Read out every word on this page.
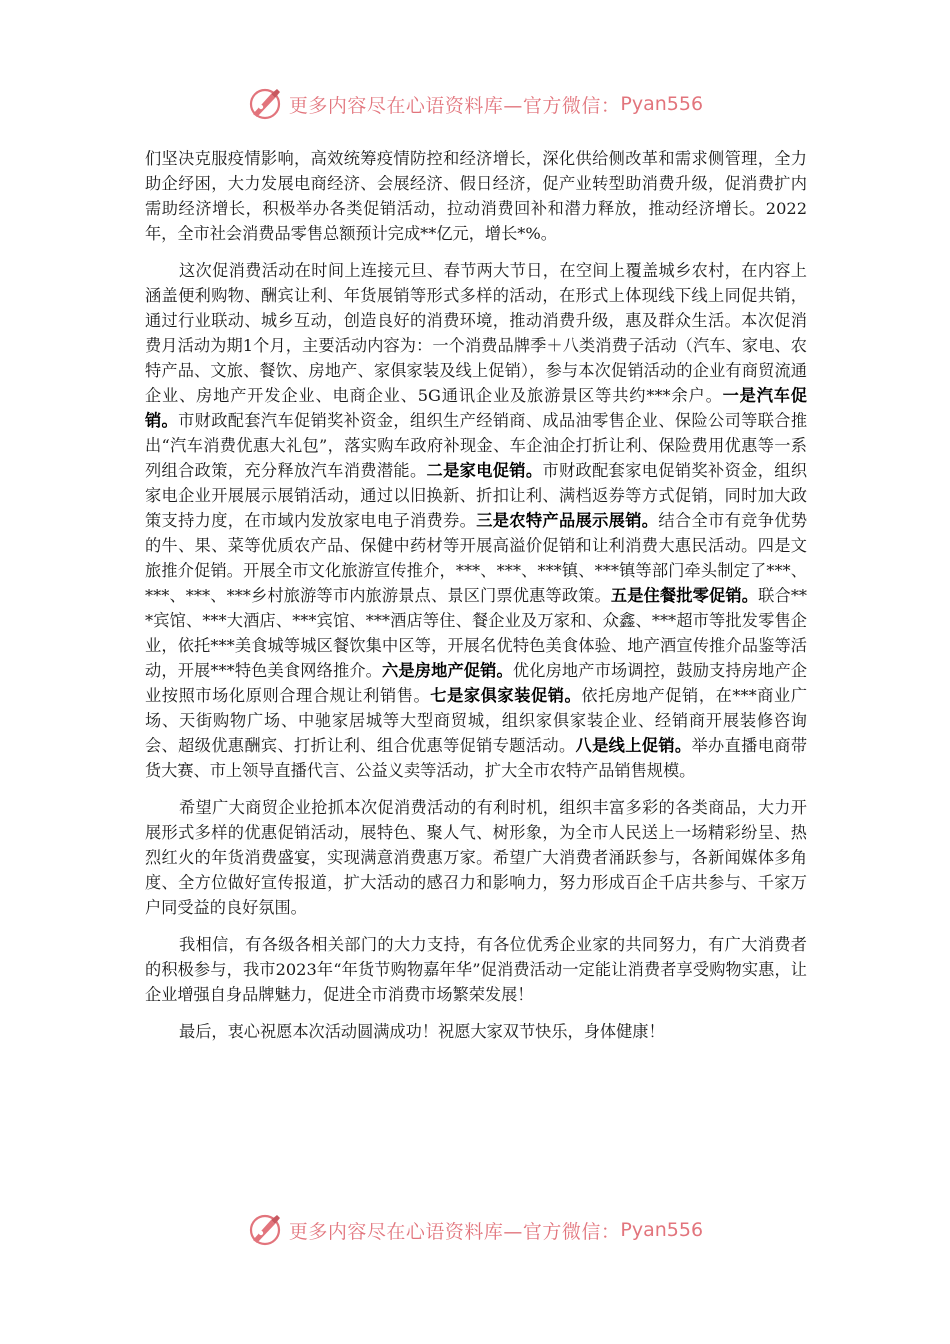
更多内容尽在心语资料库—官方微信： Pyan556

们坚决克服疫情影响，高效统筹疫情防控和经济增长，深化供给侧改革和需求侧管理，全力助企纾困，大力发展电商经济、会展经济、假日经济，促产业转型助消费升级，促消费扩内需助经济增长，积极举办各类促销活动，拉动消费回补和潜力释放，推动经济增长。2022年，全市社会消费品零售总额预计完成**亿元，增长*%。

这次促消费活动在时间上连接元旦、春节两大节日，在空间上覆盖城乡农村，在内容上涵盖便利购物、酬宾让利、年货展销等形式多样的活动，在形式上体现线下线上同促共销，通过行业联动、城乡互动，创造良好的消费环境，推动消费升级，惠及群众生活。本次促消费月活动为期1个月，主要活动内容为：一个消费品牌季＋八类消费子活动（汽车、家电、农特产品、文旅、餐饮、房地产、家俱家装及线上促销），参与本次促销活动的企业有商贸流通企业、房地产开发企业、电商企业、5G通讯企业及旅游景区等共约***余户。一是汽车促销。市财政配套汽车促销奖补资金，组织生产经销商、成品油零售企业、保险公司等联合推出“汽车消费优惠大礼包”，落实购车政府补现金、车企油企打折让利、保险费用优惠等一系列组合政策，充分释放汽车消费潜能。二是家电促销。市财政配套家电促销奖补资金，组织家电企业开展展示展销活动，通过以旧换新、折扣让利、满档返券等方式促销，同时加大政策支持力度，在市域内发放家电电子消费券。三是农特产品展示展销。结合全市有竞争优势的牛、果、菜等优质农产品、保健中药材等开展高溢价促销和让利消费大惠民活动。四是文旅推介促销。开展全市文化旅游宣传推介，***、***、***镇、***镇等部门牵头制定了***、***、***、***乡村旅游等市内旅游景点、景区门票优惠等政策。五是住餐批零促销。联合***宾馆、***大酒店、***宾馆、***酒店等住、餐企业及万家和、众鑫、***超市等批发零售企业，依托***美食城等城区餐饮集中区等，开展名优特色美食体验、地产酒宣传推介品鉴等活动，开展***特色美食网络推介。六是房地产促销。优化房地产市场调控，鼓励支持房地产企业按照市场化原则合理合规让利销售。七是家俱家装促销。依托房地产促销，在***商业广场、天街购物广场、中驰家居城等大型商贸城，组织家俱家装企业、经销商开展装修咨询会、超级优惠酬宾、打折让利、组合优惠等促销专题活动。八是线上促销。举办直播电商带货大赛、市上领导直播代言、公益义卖等活动，扩大全市农特产品销售规模。

希望广大商贸企业抢抓本次促消费活动的有利时机，组织丰富多彩的各类商品，大力开展形式多样的优惠促销活动，展特色、聚人气、树形象，为全市人民送上一场精彩纷呈、热烈红火的年货消费盛宴，实现满意消费惠万家。希望广大消费者涌跃参与，各新闻媒体多角度、全方位做好宣传报道，扩大活动的感召力和影响力，努力形成百企千店共参与、千家万户同受益的良好氛围。

我相信，有各级各相关部门的大力支持，有各位优秀企业家的共同努力，有广大消费者的积极参与，我市2023年“年货节购物嘉年华”促消费活动一定能让消费者享受购物实惠，让企业增强自身品牌魅力，促进全市消费市场繁荣发展！

最后，衷心祝愿本次活动圆满成功！祝愿大家双节快乐，身体健康！

更多内容尽在心语资料库—官方微信： Pyan556
